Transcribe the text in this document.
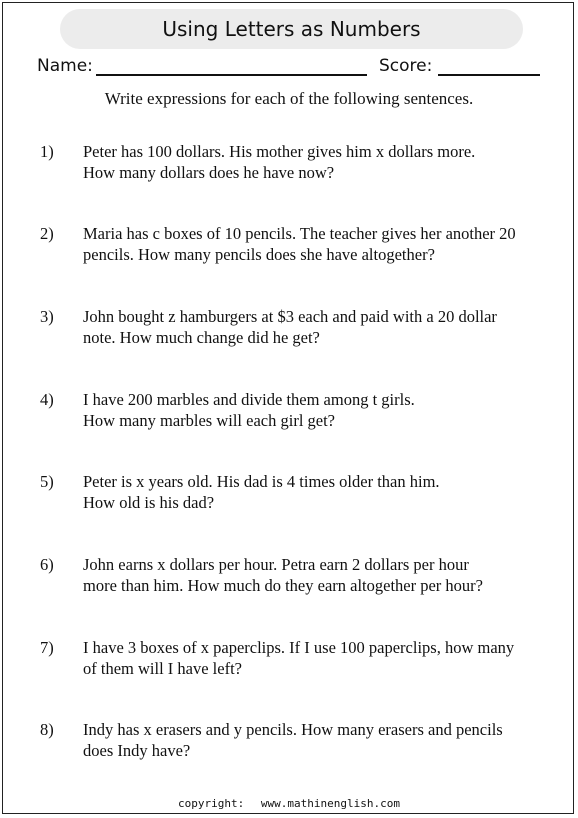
Using Letters as Numbers
Name:	Score:
Write expressions for each of the following sentences.
1) Peter has 100 dollars. His mother gives him x dollars more.
How many dollars does he have now?
2) Maria has c boxes of 10 pencils. The teacher gives her another 20
pencils. How many pencils does she have altogether?
3) John bought z hamburgers at $3 each and paid with a 20 dollar
note. How much change did he get?
4) I have 200 marbles and divide them among t girls.
How many marbles will each girl get?
5) Peter is x years old. His dad is 4 times older than him.
How old is his dad?
6) John earns x dollars per hour. Petra earn 2 dollars per hour
more than him. How much do they earn altogether per hour?
7) I have 3 boxes of x paperclips. If I use 100 paperclips, how many
of them will I have left?
8) Indy has x erasers and y pencils. How many erasers and pencils
does Indy have?
copyright: www.mathinenglish.com
